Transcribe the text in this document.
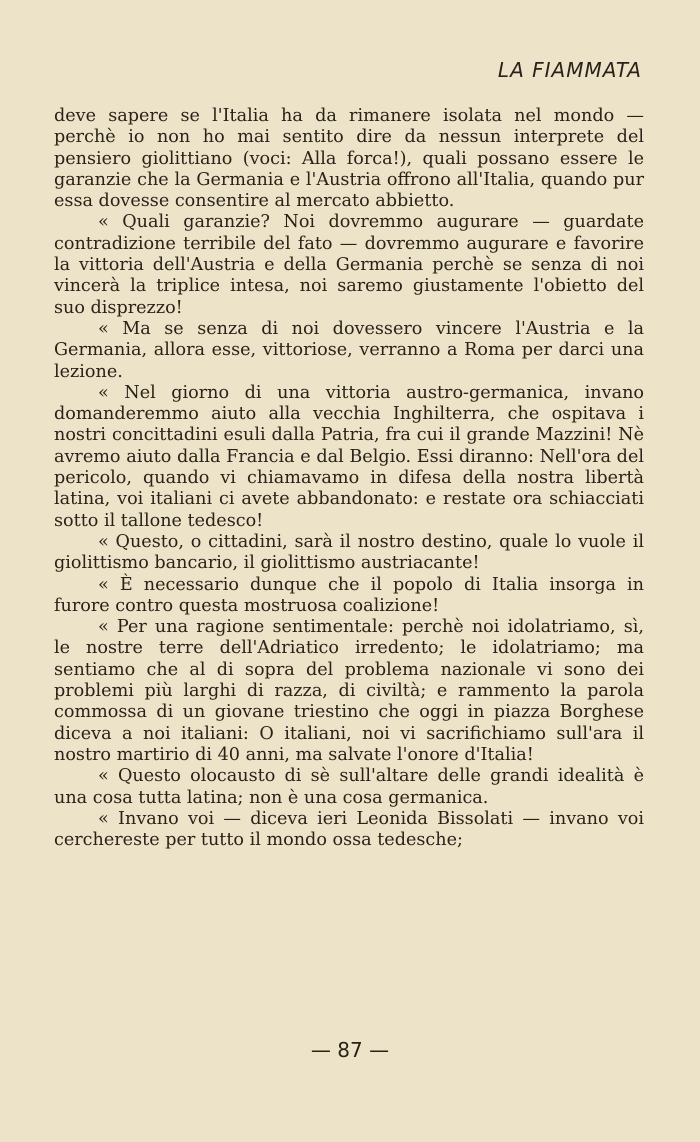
LA FIAMMATA

deve sapere se l'Italia ha da rimanere isolata nel mondo — perchè io non ho mai sentito dire da nessun interprete del pensiero giolittiano (voci: Alla forca!), quali possano essere le garanzie che la Germania e l'Austria offrono all'Italia, quando pur essa dovesse consentire al mercato abbietto.

« Quali garanzie? Noi dovremmo augurare — guardate contradizione terribile del fato — dovremmo augurare e favorire la vittoria dell'Austria e della Germania perchè se senza di noi vincerà la triplice intesa, noi saremo giustamente l'obietto del suo disprezzo!

« Ma se senza di noi dovessero vincere l'Austria e la Germania, allora esse, vittoriose, verranno a Roma per darci una lezione.

« Nel giorno di una vittoria austro-germanica, invano domanderemmo aiuto alla vecchia Inghilterra, che ospitava i nostri concittadini esuli dalla Patria, fra cui il grande Mazzini! Nè avremo aiuto dalla Francia e dal Belgio. Essi diranno: Nell'ora del pericolo, quando vi chiamavamo in difesa della nostra libertà latina, voi italiani ci avete abbandonato: e restate ora schiacciati sotto il tallone tedesco!

« Questo, o cittadini, sarà il nostro destino, quale lo vuole il giolittismo bancario, il giolittismo austriacante!

« È necessario dunque che il popolo di Italia insorga in furore contro questa mostruosa coalizione!

« Per una ragione sentimentale: perchè noi idolatriamo, sì, le nostre terre dell'Adriatico irredento; le idolatriamo; ma sentiamo che al di sopra del problema nazionale vi sono dei problemi più larghi di razza, di civiltà; e rammento la parola commossa di un giovane triestino che oggi in piazza Borghese diceva a noi italiani: O italiani, noi vi sacrifichiamo sull'ara il nostro martirio di 40 anni, ma salvate l'onore d'Italia!

« Questo olocausto di sè sull'altare delle grandi idealità è una cosa tutta latina; non è una cosa germanica.

« Invano voi — diceva ieri Leonida Bissolati — invano voi cerchereste per tutto il mondo ossa tedesche;

— 87 —
